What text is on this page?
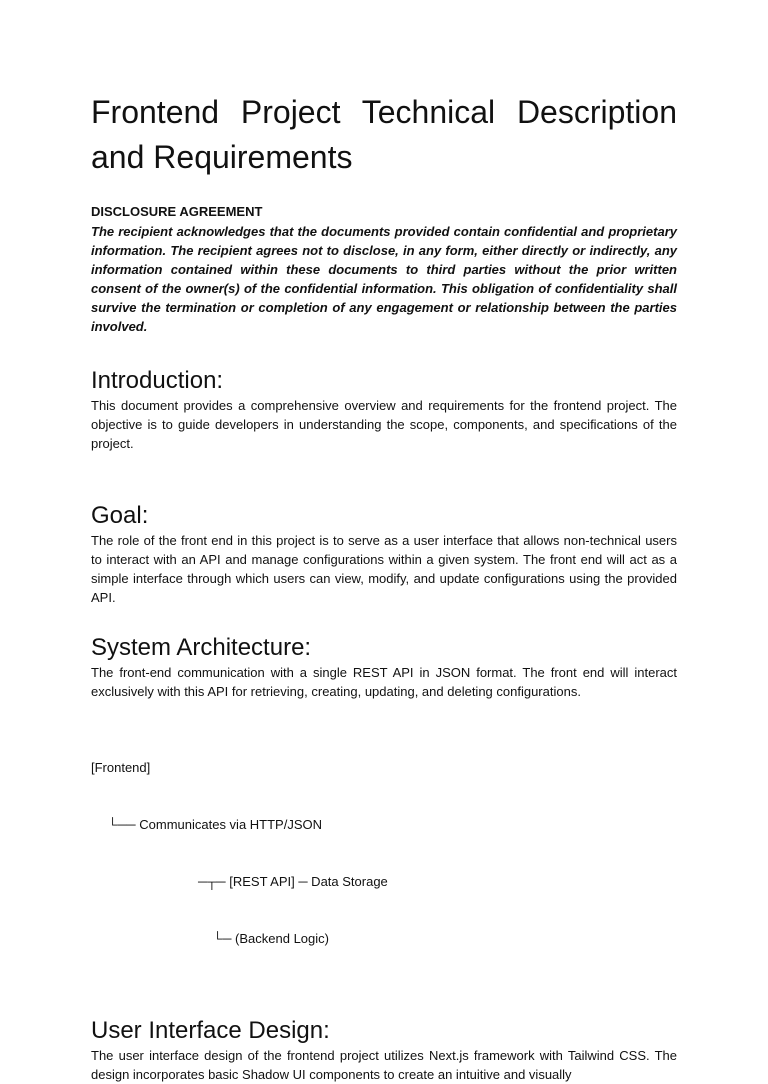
Frontend Project Technical Description and Requirements

DISCLOSURE AGREEMENT

The recipient acknowledges that the documents provided contain confidential and proprietary information. The recipient agrees not to disclose, in any form, either directly or indirectly, any information contained within these documents to third parties without the prior written consent of the owner(s) of the confidential information. This obligation of confidentiality shall survive the termination or completion of any engagement or relationship between the parties involved.

Introduction:

This document provides a comprehensive overview and requirements for the frontend project. The objective is to guide developers in understanding the scope, components, and specifications of the project.

Goal:

The role of the front end in this project is to serve as a user interface that allows non-technical users to interact with an API and manage configurations within a given system. The front end will act as a simple interface through which users can view, modify, and update configurations using the provided API.

System Architecture:

The front-end communication with a single REST API in JSON format. The front end will interact exclusively with this API for retrieving, creating, updating, and deleting configurations.

[Frontend]

└── Communicates via HTTP/JSON

─┬─ [REST API] ─ Data Storage

└─ (Backend Logic)

User Interface Design:

The user interface design of the frontend project utilizes Next.js framework with Tailwind CSS. The design incorporates basic Shadow UI components to create an intuitive and visually
